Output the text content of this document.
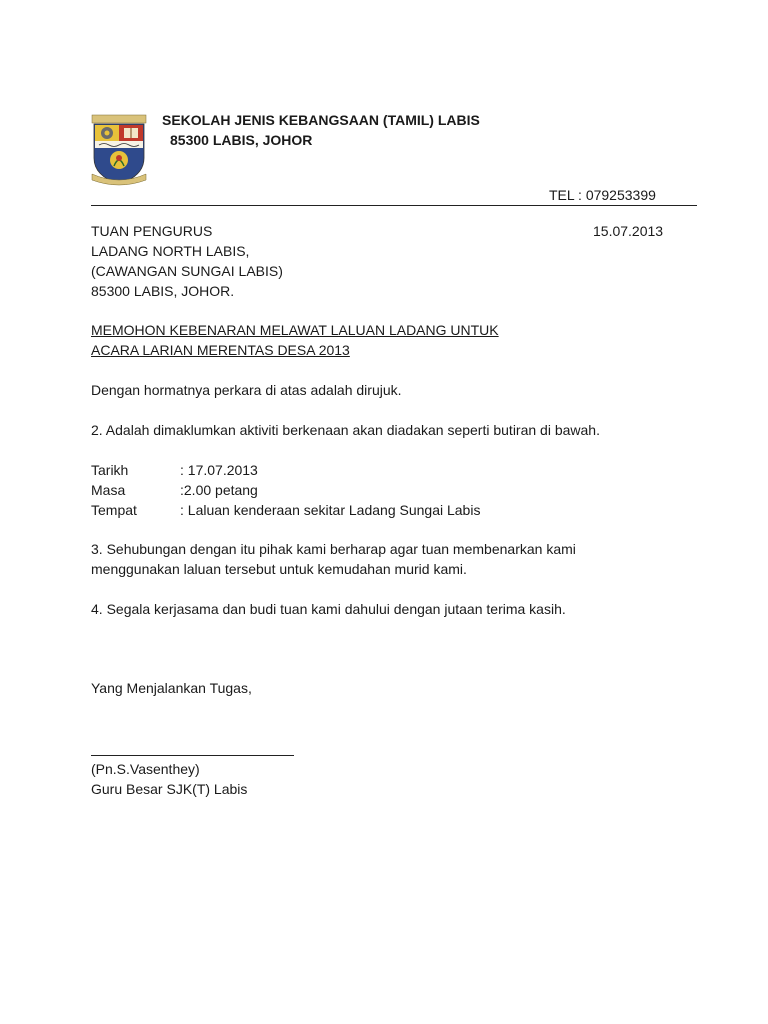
SEKOLAH JENIS KEBANGSAAN (TAMIL) LABIS
85300 LABIS, JOHOR
TEL : 079253399
TUAN PENGURUS	15.07.2013
LADANG NORTH LABIS,
(CAWANGAN SUNGAI LABIS)
85300 LABIS, JOHOR.
MEMOHON KEBENARAN MELAWAT LALUAN LADANG UNTUK
ACARA LARIAN MERENTAS DESA 2013
Dengan hormatnya perkara di atas adalah dirujuk.
2. Adalah dimaklumkan aktiviti berkenaan akan diadakan seperti butiran di bawah.
Tarikh	: 17.07.2013
Masa	:2.00 petang
Tempat	: Laluan kenderaan sekitar Ladang Sungai Labis
3. Sehubungan dengan itu pihak kami berharap agar tuan membenarkan kami
menggunakan laluan tersebut untuk kemudahan murid kami.
4. Segala kerjasama dan budi tuan kami dahului dengan jutaan terima kasih.
Yang Menjalankan Tugas,
(Pn.S.Vasenthey)
Guru Besar SJK(T) Labis
